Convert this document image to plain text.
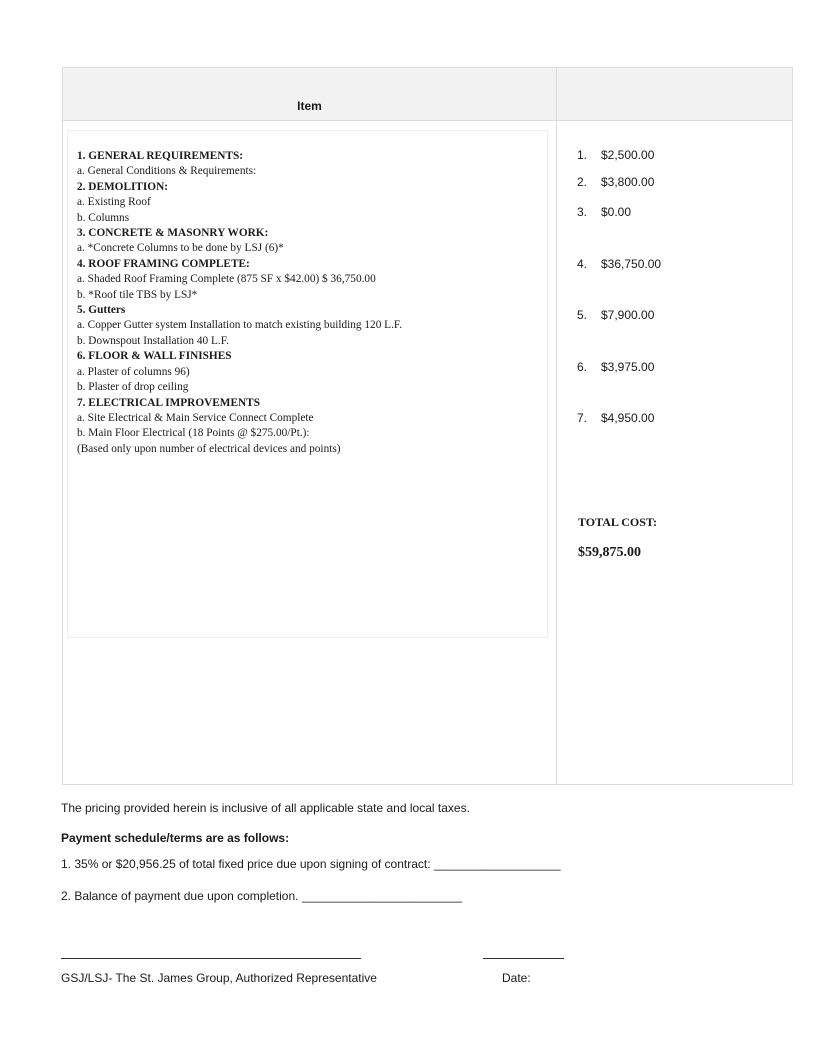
Item
1. GENERAL REQUIREMENTS:
a. General Conditions & Requirements:
2. DEMOLITION:
a. Existing Roof
b. Columns
3. CONCRETE & MASONRY WORK:
a. *Concrete Columns to be done by LSJ (6)*
4. ROOF FRAMING COMPLETE:
a. Shaded Roof Framing Complete (875 SF x $42.00) $ 36,750.00
b. *Roof tile TBS by LSJ*
5. Gutters
a. Copper Gutter system Installation to match existing building 120 L.F.
b. Downspout Installation 40 L.F.
6. FLOOR & WALL FINISHES
a. Plaster of columns 96)
b. Plaster of drop ceiling
7. ELECTRICAL IMPROVEMENTS
a. Site Electrical & Main Service Connect Complete
b. Main Floor Electrical (18 Points @ $275.00/Pt.):
(Based only upon number of electrical devices and points)
1. $2,500.00
2. $3,800.00
3. $0.00
4. $36,750.00
5. $7,900.00
6. $3,975.00
7. $4,950.00
TOTAL COST:
$59,875.00
The pricing provided herein is inclusive of all applicable state and local taxes.
Payment schedule/terms are as follows:
1. 35% or $20,956.25 of total fixed price due upon signing of contract: ___________________
2. Balance of payment due upon completion. ________________________
GSJ/LSJ- The St. James Group, Authorized Representative	Date:
